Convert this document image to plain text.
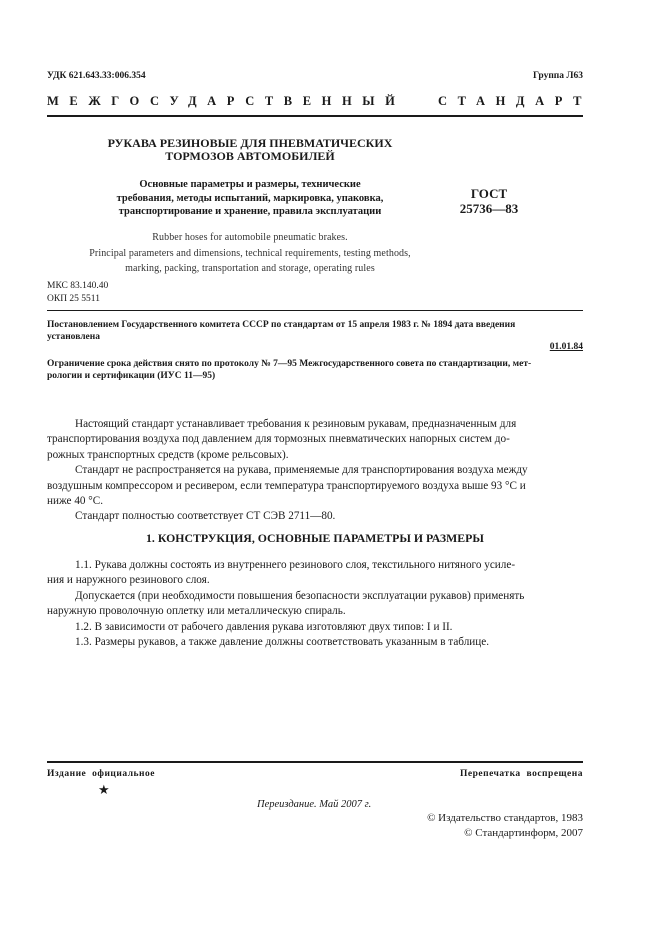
УДК 621.643.33:006.354	Группа Л63
МЕЖГОСУДАРСТВЕННЫЙ	СТАНДАРТ
РУКАВА РЕЗИНОВЫЕ ДЛЯ ПНЕВМАТИЧЕСКИХ
ТОРМОЗОВ АВТОМОБИЛЕЙ
Основные параметры и размеры, технические
требования, методы испытаний, маркировка, упаковка,
транспортирование и хранение, правила эксплуатации
ГОСТ
25736—83
Rubber hoses for automobile pneumatic brakes.
Principal parameters and dimensions, technical requirements, testing methods,
marking, packing, transportation and storage, operating rules
МКС 83.140.40
ОКП 25 5511
Постановлением Государственного комитета СССР по стандартам от 15 апреля 1983 г. № 1894 дата введения
установлена
01.01.84
Ограничение срока действия снято по протоколу № 7—95 Межгосударственного совета по стандартизации, мет-
рологии и сертификации (ИУС 11—95)
Настоящий стандарт устанавливает требования к резиновым рукавам, предназначенным для
транспортирования воздуха под давлением для тормозных пневматических напорных систем до-
рожных транспортных средств (кроме рельсовых).
Стандарт не распространяется на рукава, применяемые для транспортирования воздуха между
воздушным компрессором и ресивером, если температура транспортируемого воздуха выше 93 °С и
ниже 40 °С.
Стандарт полностью соответствует СТ СЭВ 2711—80.
1. КОНСТРУКЦИЯ, ОСНОВНЫЕ ПАРАМЕТРЫ И РАЗМЕРЫ
1.1. Рукава должны состоять из внутреннего резинового слоя, текстильного нитяного усиле-
ния и наружного резинового слоя.
Допускается (при необходимости повышения безопасности эксплуатации рукавов) применять
наружную проволочную оплетку или металлическую спираль.
1.2. В зависимости от рабочего давления рукава изготовляют двух типов: I и II.
1.3. Размеры рукавов, а также давление должны соответствовать указанным в таблице.
Издание официальное	Перепечатка воспрещена
★
Переиздание. Май 2007 г.
© Издательство стандартов, 1983
© Стандартинформ, 2007
